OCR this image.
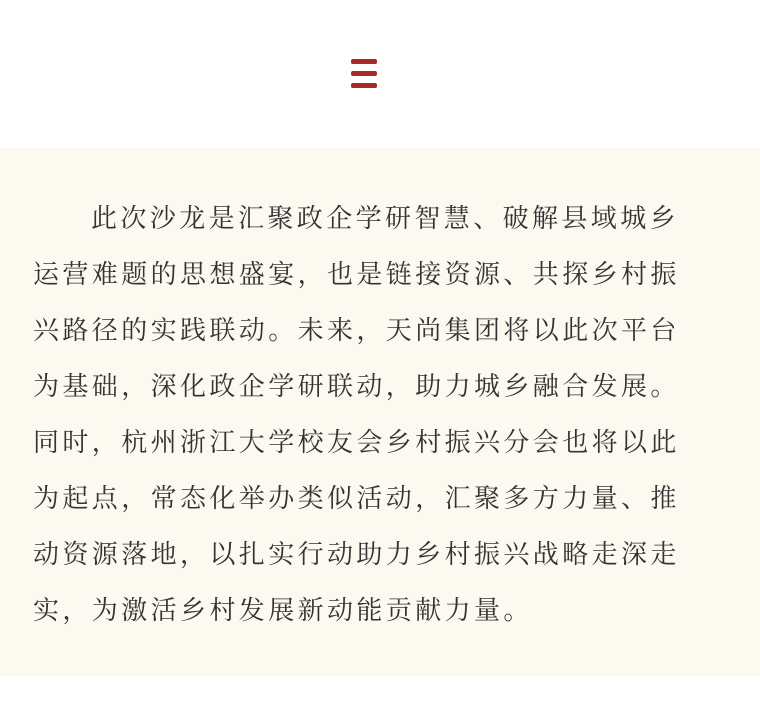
此次沙龙是汇聚政企学研智慧、破解县域城乡
运营难题的思想盛宴，也是链接资源、共探乡村振
兴路径的实践联动。未来，天尚集团将以此次平台
为基础，深化政企学研联动，助力城乡融合发展。
同时，杭州浙江大学校友会乡村振兴分会也将以此
为起点，常态化举办类似活动，汇聚多方力量、推
动资源落地，以扎实行动助力乡村振兴战略走深走
实，为激活乡村发展新动能贡献力量。
